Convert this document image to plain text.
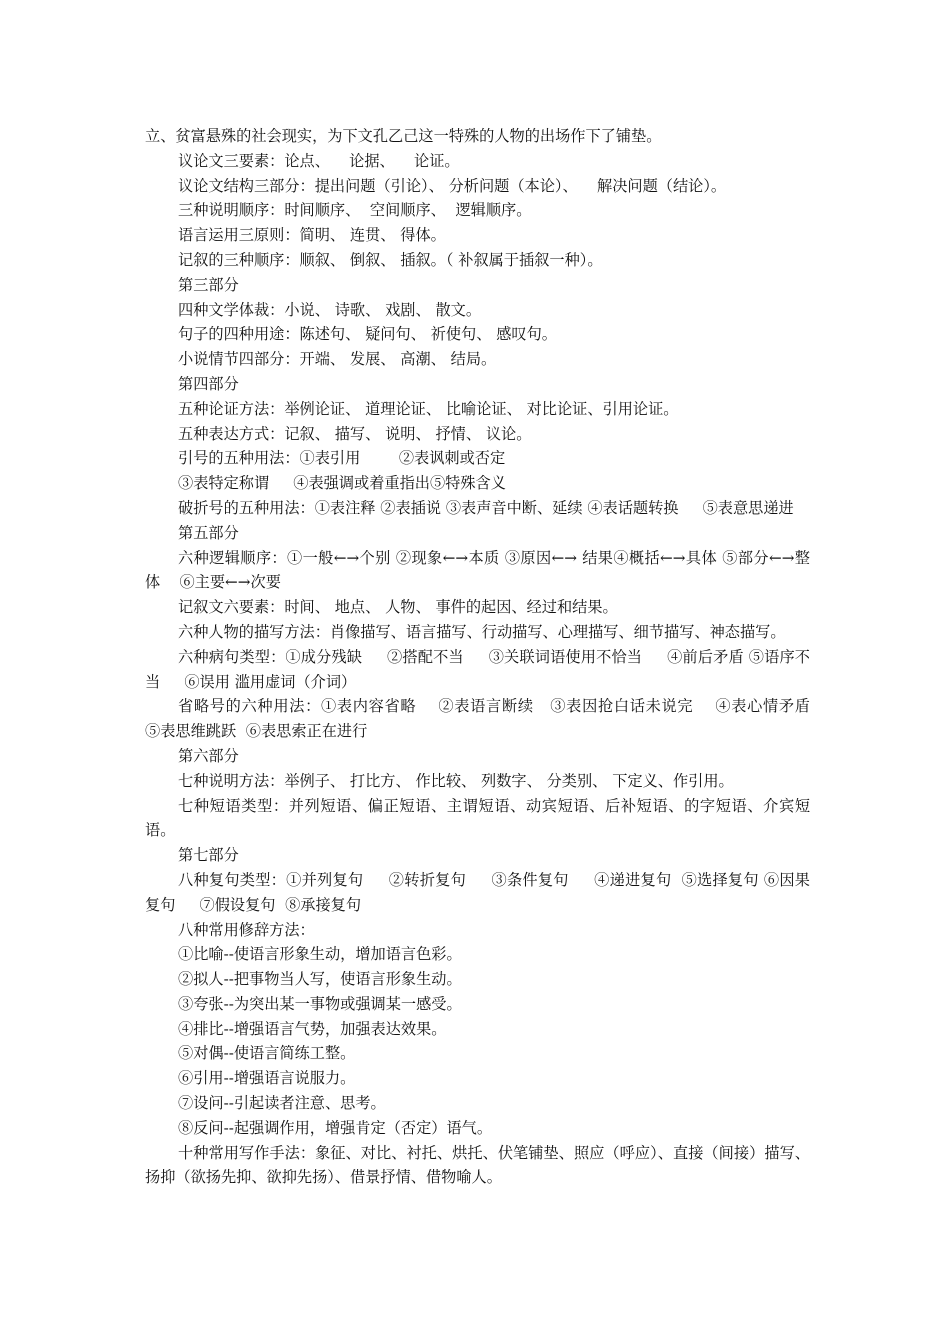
立、贫富悬殊的社会现实，为下文孔乙己这一特殊的人物的出场作下了铺垫。

议论文三要素：论点、    论据、    论证。

议论文结构三部分：提出问题（引论）、 分析问题（本论）、    解决问题（结论）。

三种说明顺序：时间顺序、  空间顺序、  逻辑顺序。

语言运用三原则：简明、 连贯、 得体。

记叙的三种顺序：顺叙、 倒叙、 插叙。（ 补叙属于插叙一种）。

第三部分

四种文学体裁：小说、 诗歌、 戏剧、 散文。

句子的四种用途：陈述句、 疑问句、 祈使句、 感叹句。

小说情节四部分：开端、 发展、 高潮、 结局。

第四部分

五种论证方法：举例论证、 道理论证、 比喻论证、 对比论证、引用论证。

五种表达方式：记叙、 描写、 说明、 抒情、 议论。

引号的五种用法：①表引用        ②表讽刺或否定

③表特定称谓     ④表强调或着重指出⑤特殊含义

破折号的五种用法：①表注释 ②表插说 ③表声音中断、延续 ④表话题转换     ⑤表意思递进

第五部分

六种逻辑顺序：①一般←→个别 ②现象←→本质 ③原因←→ 结果④概括←→具体 ⑤部分←→整体    ⑥主要←→次要

记叙文六要素：时间、 地点、 人物、 事件的起因、经过和结果。

六种人物的描写方法：肖像描写、语言描写、行动描写、心理描写、细节描写、神态描写。

六种病句类型：①成分残缺     ②搭配不当     ③关联词语使用不恰当     ④前后矛盾 ⑤语序不当     ⑥误用 滥用虚词（介词）

省略号的六种用法：①表内容省略    ②表语言断续   ③表因抢白话未说完    ④表心情矛盾     ⑤表思维跳跃  ⑥表思索正在进行

第六部分

七种说明方法：举例子、 打比方、 作比较、 列数字、 分类别、 下定义、作引用。

七种短语类型：并列短语、偏正短语、主谓短语、动宾短语、后补短语、的字短语、介宾短语。

第七部分

八种复句类型：①并列复句     ②转折复句     ③条件复句     ④递进复句  ⑤选择复句 ⑥因果复句     ⑦假设复句  ⑧承接复句

八种常用修辞方法：

①比喻--使语言形象生动，增加语言色彩。

②拟人--把事物当人写，使语言形象生动。

③夸张--为突出某一事物或强调某一感受。

④排比--增强语言气势，加强表达效果。

⑤对偶--使语言简练工整。

⑥引用--增强语言说服力。

⑦设问--引起读者注意、思考。

⑧反问--起强调作用，增强肯定（否定）语气。

十种常用写作手法：象征、对比、衬托、烘托、伏笔铺垫、照应（呼应）、直接（间接）描写、扬抑（欲扬先抑、欲抑先扬）、借景抒情、借物喻人。
